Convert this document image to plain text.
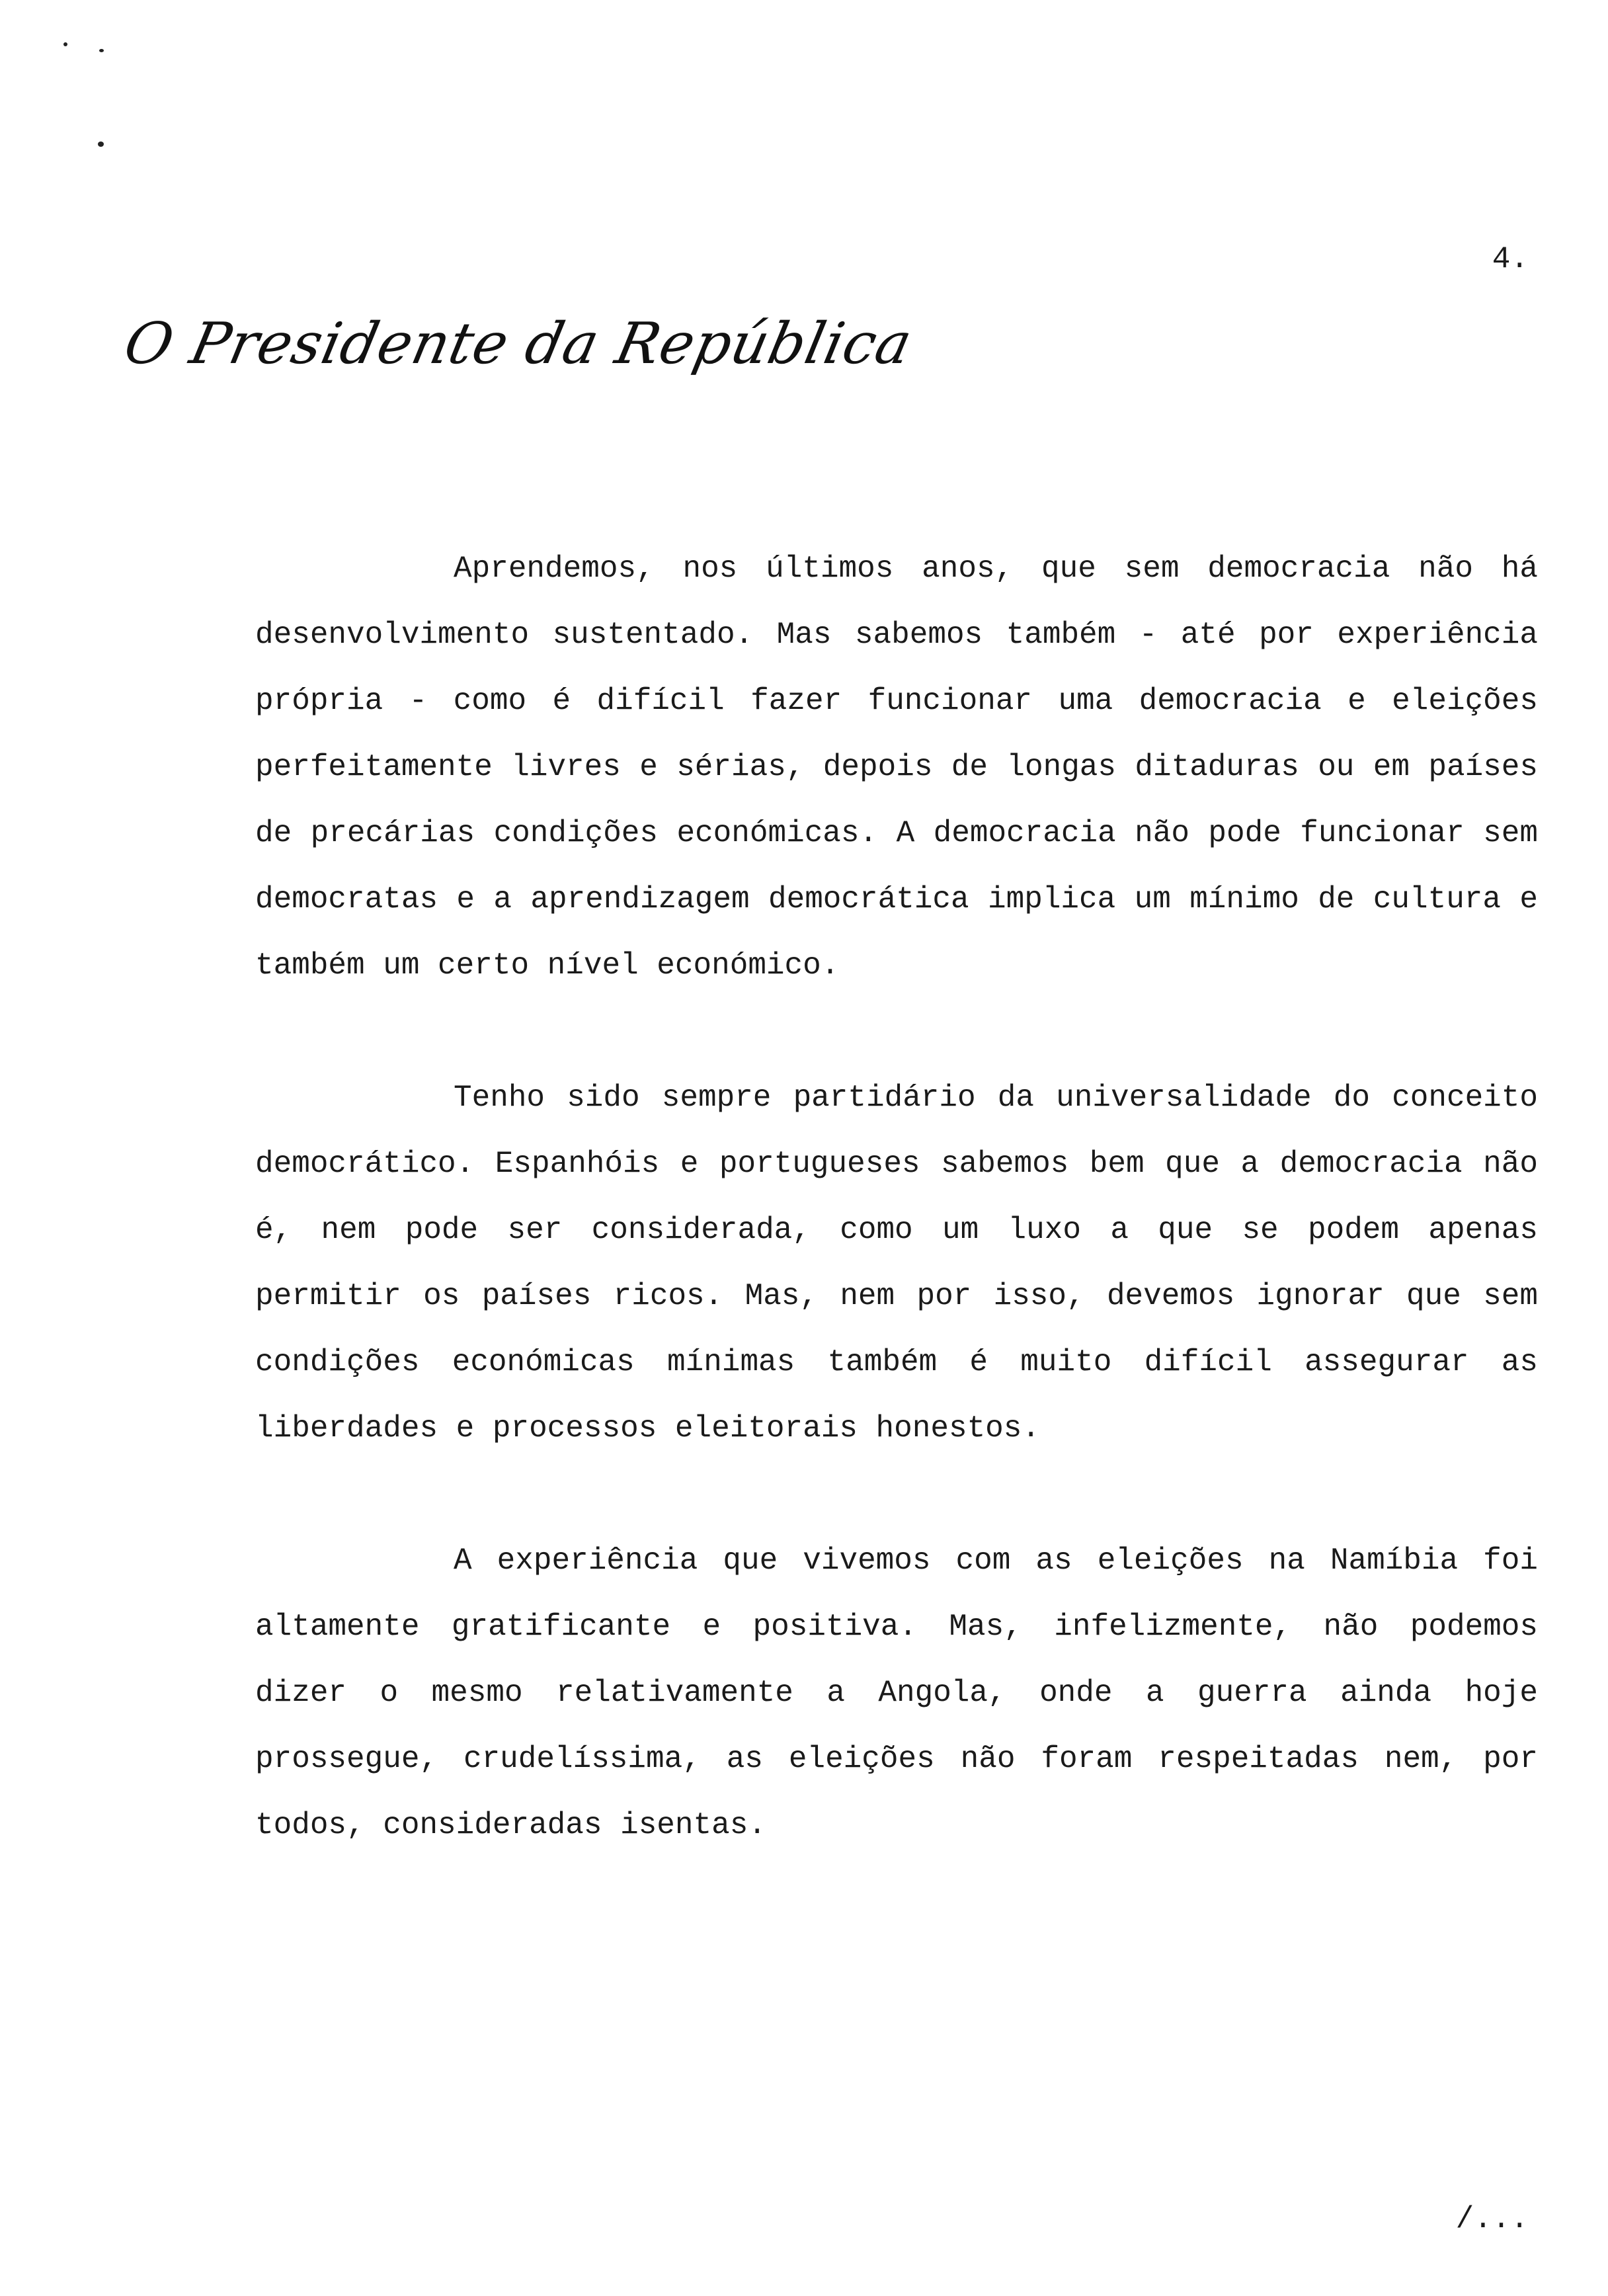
4.
O Presidente da República

Aprendemos, nos últimos anos, que sem democracia não há desenvolvimento sustentado. Mas sabemos também - até por experiência própria - como é difícil fazer funcionar uma democracia e eleições perfeitamente livres e sérias, depois de longas ditaduras ou em países de precárias condições económicas. A democracia não pode funcionar sem democratas e a aprendizagem democrática implica um mínimo de cultura e também um certo nível económico.

Tenho sido sempre partidário da universalidade do conceito democrático. Espanhóis e portugueses sabemos bem que a democracia não é, nem pode ser considerada, como um luxo a que se podem apenas permitir os países ricos. Mas, nem por isso, devemos ignorar que sem condições económicas mínimas também é muito difícil assegurar as liberdades e processos eleitorais honestos.

A experiência que vivemos com as eleições na Namíbia foi altamente gratificante e positiva. Mas, infelizmente, não podemos dizer o mesmo relativamente a Angola, onde a guerra ainda hoje prossegue, crudelíssima, as eleições não foram respeitadas nem, por todos, consideradas isentas.

/...
